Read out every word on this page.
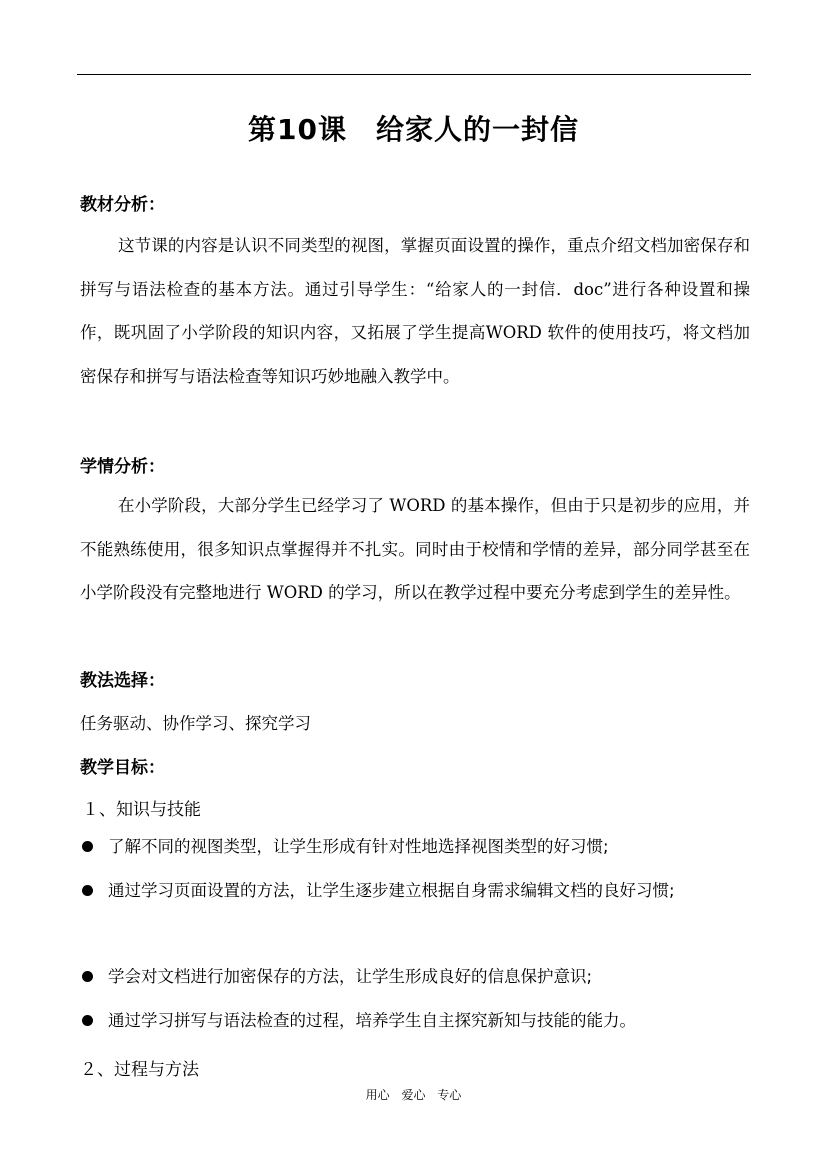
第10课　给家人的一封信
教材分析：

这节课的内容是认识不同类型的视图，掌握页面设置的操作，重点介绍文档加密保存和拼写与语法检查的基本方法。通过引导学生：“给家人的一封信．doc”进行各种设置和操作，既巩固了小学阶段的知识内容，又拓展了学生提高WORD 软件的使用技巧，将文档加密保存和拼写与语法检查等知识巧妙地融入教学中。

学情分析：

在小学阶段，大部分学生已经学习了 WORD 的基本操作，但由于只是初步的应用，并不能熟练使用，很多知识点掌握得并不扎实。同时由于校情和学情的差异，部分同学甚至在小学阶段没有完整地进行 WORD 的学习，所以在教学过程中要充分考虑到学生的差异性。

教法选择：
任务驱动、协作学习、探究学习
教学目标：
１、知识与技能
了解不同的视图类型，让学生形成有针对性地选择视图类型的好习惯;
通过学习页面设置的方法，让学生逐步建立根据自身需求编辑文档的良好习惯;
学会对文档进行加密保存的方法，让学生形成良好的信息保护意识;
通过学习拼写与语法检查的过程，培养学生自主探究新知与技能的能力。
２、过程与方法
用心 爱心 专心
